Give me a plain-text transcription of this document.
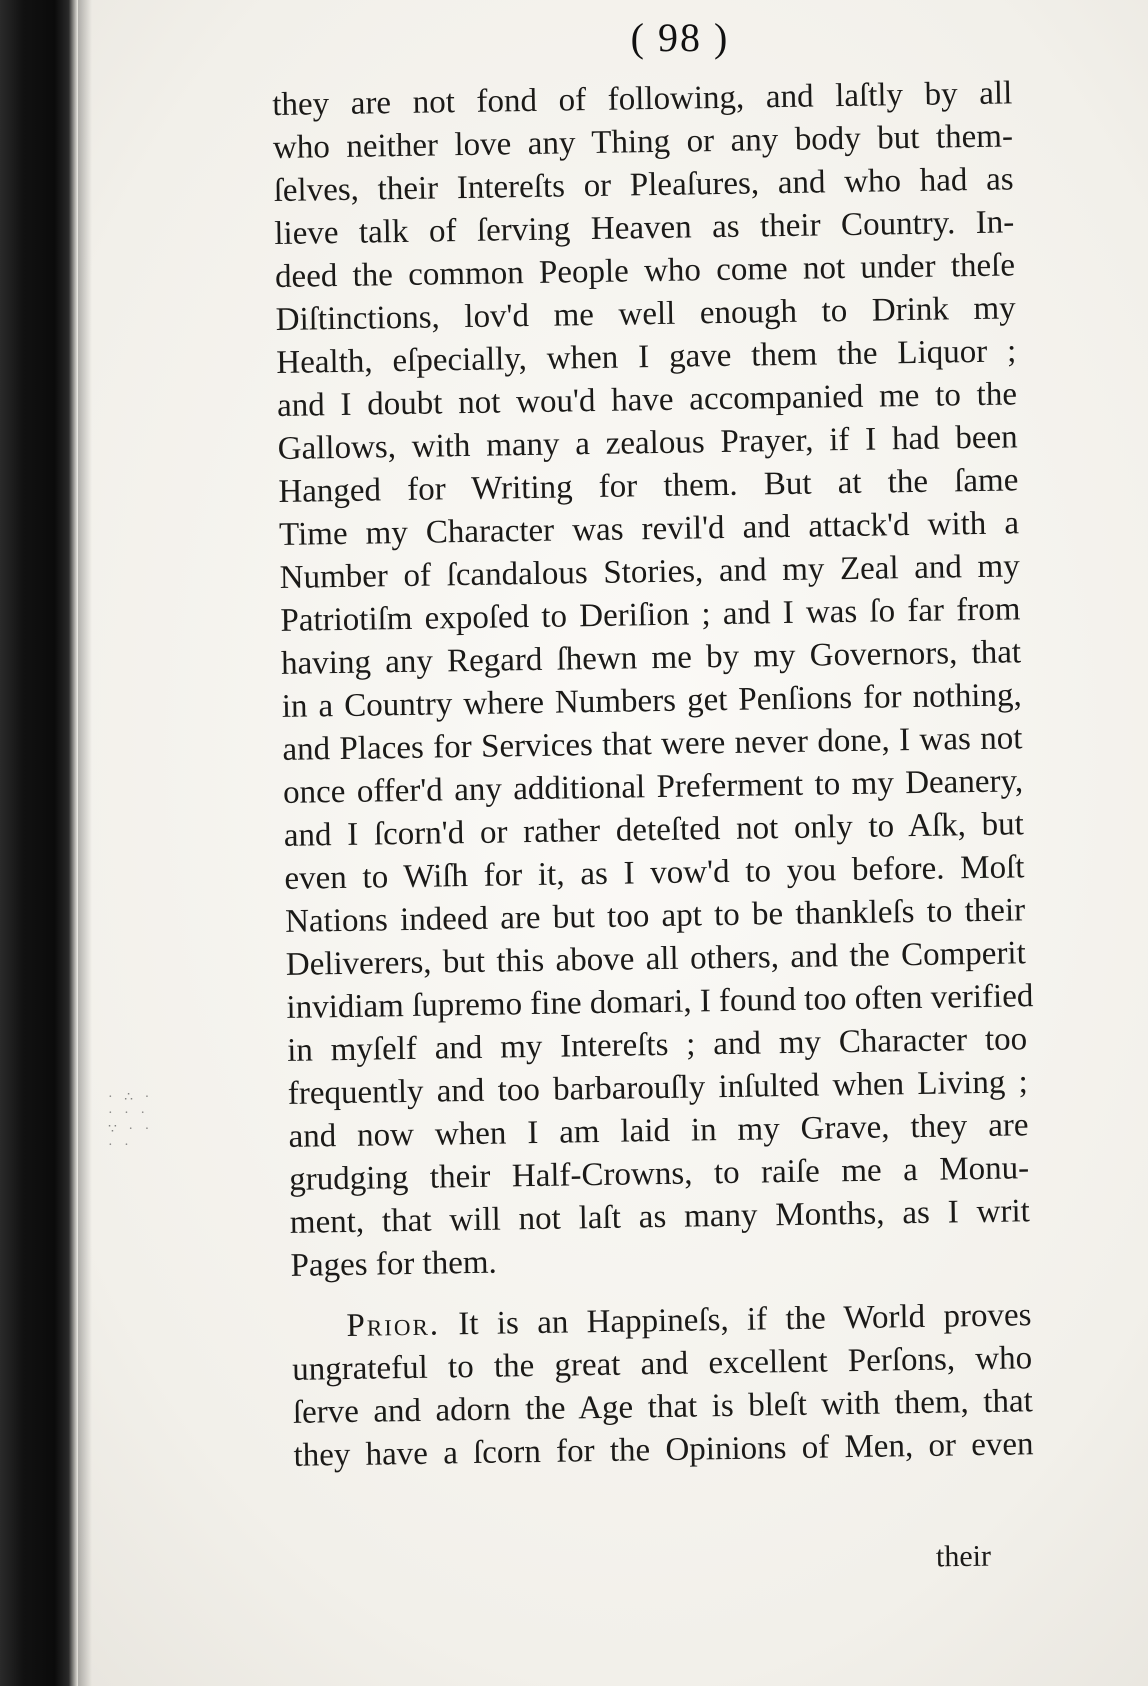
· ∴ ·
· · ·
∵ · ·
· ·
( 98 )
they are not fond of following, and laſtly by all
who neither love any Thing or any body but them-
ſelves, their Intereſts or Pleaſures, and who had as
lieve talk of ſerving Heaven as their Country. In-
deed the common People who come not under theſe
Diſtinctions, lov'd me well enough to Drink my
Health, eſpecially, when I gave them the Liquor ;
and I doubt not wou'd have accompanied me to the
Gallows, with many a zealous Prayer, if I had been
Hanged for Writing for them. But at the ſame
Time my Character was revil'd and attack'd with a
Number of ſcandalous Stories, and my Zeal and my
Patriotiſm expoſed to Deriſion ; and I was ſo far from
having any Regard ſhewn me by my Governors, that
in a Country where Numbers get Penſions for nothing,
and Places for Services that were never done, I was not
once offer'd any additional Preferment to my Deanery,
and I ſcorn'd or rather deteſted not only to Aſk, but
even to Wiſh for it, as I vow'd to you before. Moſt
Nations indeed are but too apt to be thankleſs to their
Deliverers, but this above all others, and the Comperit
invidiam ſupremo fine domari, I found too often verified
in myſelf and my Intereſts ; and my Character too
frequently and too barbarouſly inſulted when Living ;
and now when I am laid in my Grave, they are
grudging their Half-Crowns, to raiſe me a Monu-
ment, that will not laſt as many Months, as I writ
Pages for them.
Prior. It is an Happineſs, if the World proves
ungrateful to the great and excellent Perſons, who
ſerve and adorn the Age that is bleſt with them, that
they have a ſcorn for the Opinions of Men, or even
their
